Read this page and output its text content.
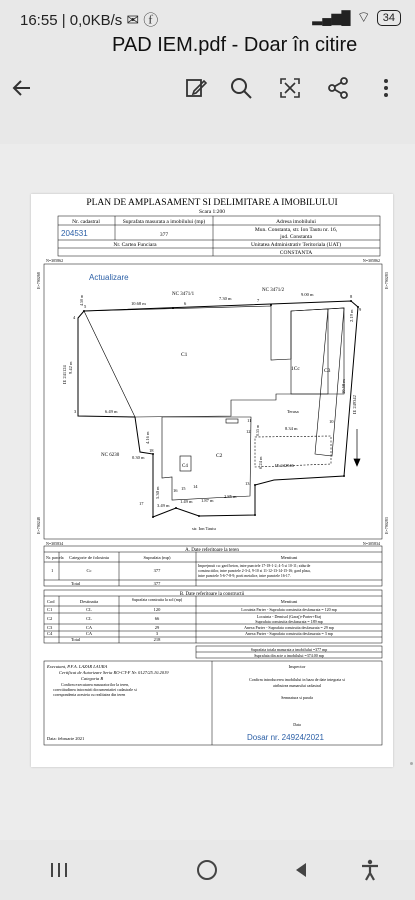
16:55 | 0,0KB/s ✉ ⓕ	▂▄▆█ ⌔	34
PAD IEM.pdf - Doar în citire
PLAN DE AMPLASAMENT SI DELIMITARE A IMOBILULUI
Scara 1:200
Nr. cadastral	Suprafata masurata a imobilului (mp)	Adresa imobilului
204531	377
Mun. Constanta, str. Ion Tautu nr. 16,
jud. Constanta
Nr. Cartea Funciara	Unitatea Administrativ Teritoriala (UAT)
CONSTANTA
N=305862	N=305862
N=305834	N=305834
E=790268	E=790283
E=790248	E=790283
Actualizare
NC 3471/1
NC 3471/2
NC 6230
IE 241124
IE 249342
IE 242546
str. Ion Tautu
Terasa
C1
C2
C3
C4
1Cc
10.68 m
7.30 m
9.00 m
9.42 m
6.49 m
2.19 m
10.50 m
8.34 m
4.16 m
0.30 m
5.30 m
6.24 m
3.49 m
1.49 m 1.87 m
2.85 m
0.55 m
4.50 m
3
4
5
6
7
8
9
10
11
12
13
14
15
16
17
18
A. Date referitoare la teren
Nr. parcela Categorie de folosinta	Suprafata (mp)	Mentiuni
1	Cc	377
Imprejmuit cu: gard beton, intre punctele 17-18-1-2; 4-5 si 10-11; zidurile
constructiilor, intre punctele 2-3-4, 9-10 si 11-12-13-14-15-16; gard plasa,
intre punctele 5-6-7-8-9; porti metalice, intre punctele 16-17.
Total	377
B. Date referitoare la constructii
Cod	Destinatia	Suprafata construita la sol (mp)	Mentiuni
C1	CL	120	Locuinta Parter - Suprafata construita desfasurata = 120 mp
C2	CL	66	Locuinta - Demisol (Garaj)+Parter+Etaj
Suprafata construita desfasurata = 189 mp
C3	CA	29	Anexa Parter - Suprafata construita desfasurata = 29 mp
C4	CA	3	Anexa Parter - Suprafata construita desfasurata = 3 mp
Total	218
Suprafata totala masurata a imobilului =377 mp
Suprafata din acte a imobilului =374.00 mp
Executant, P.F.A. LAZAR LAURA
Certificat de Autorizare Seria RO-CT-F Nr. 0127/25.10.2019
Categoria B
Confirm executarea masuratorilor la teren,
corectitudinea intocmirii documentatiei cadastrale si
corespondenta acesteia cu realitatea din teren
Inspector
Confirm introducerea imobilului in baza de date integrata si
atribuirea numarului cadastral
Semnatura si parafa
Data
Data: februarie 2021	Dosar nr. 24924/2021
